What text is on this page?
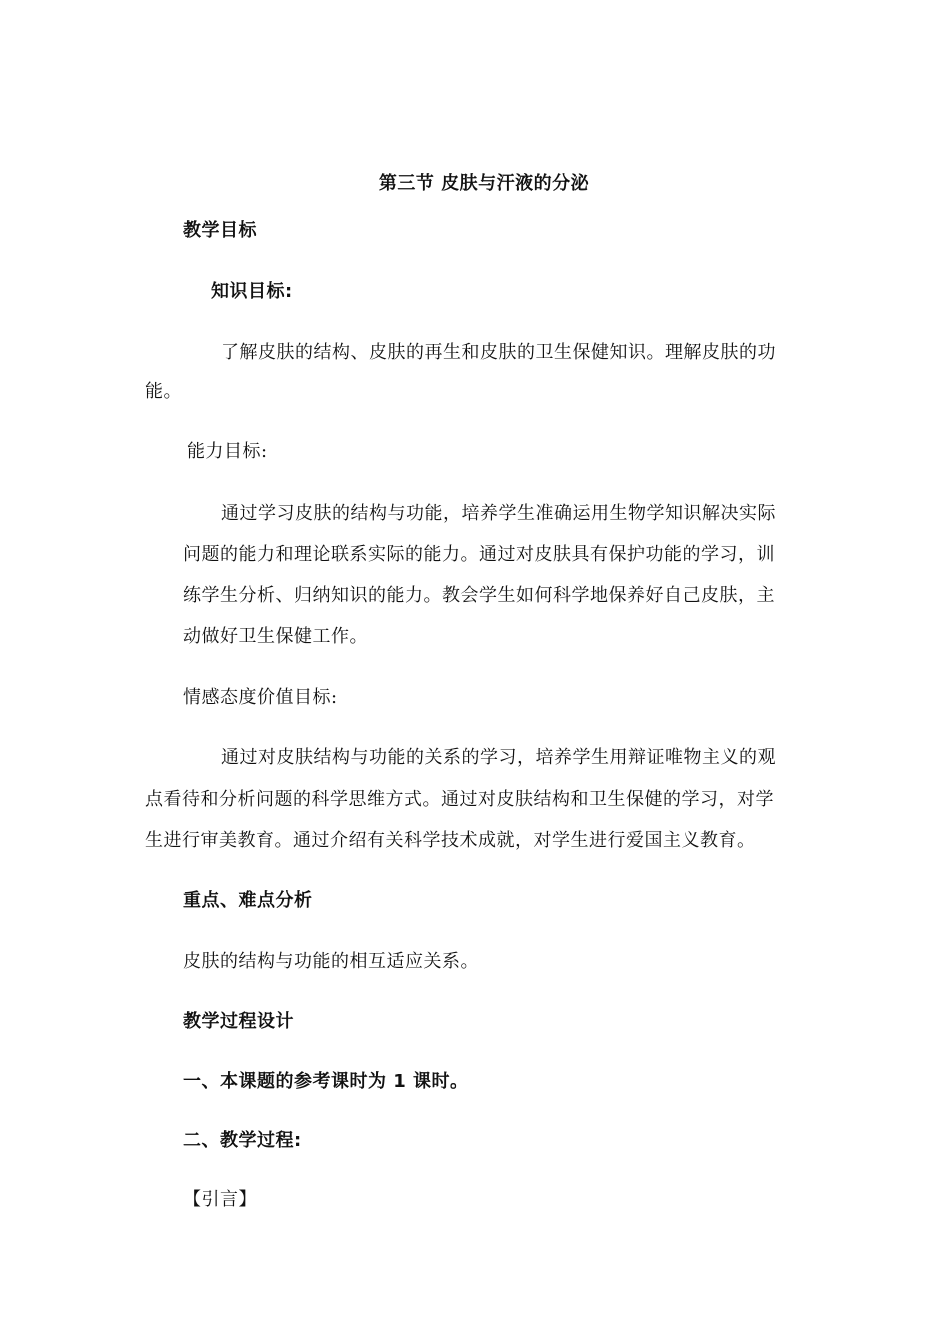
第三节 皮肤与汗液的分泌
教学目标
知识目标:
了解皮肤的结构、皮肤的再生和皮肤的卫生保健知识。理解皮肤的功
能。
能力目标:
通过学习皮肤的结构与功能，培养学生准确运用生物学知识解决实际
问题的能力和理论联系实际的能力。通过对皮肤具有保护功能的学习，训
练学生分析、归纳知识的能力。教会学生如何科学地保养好自己皮肤，主
动做好卫生保健工作。
情感态度价值目标:
通过对皮肤结构与功能的关系的学习，培养学生用辩证唯物主义的观
点看待和分析问题的科学思维方式。通过对皮肤结构和卫生保健的学习，对学
生进行审美教育。通过介绍有关科学技术成就，对学生进行爱国主义教育。
重点、难点分析
皮肤的结构与功能的相互适应关系。
教学过程设计
一、本课题的参考课时为 1 课时。
二、教学过程:
【引言】
